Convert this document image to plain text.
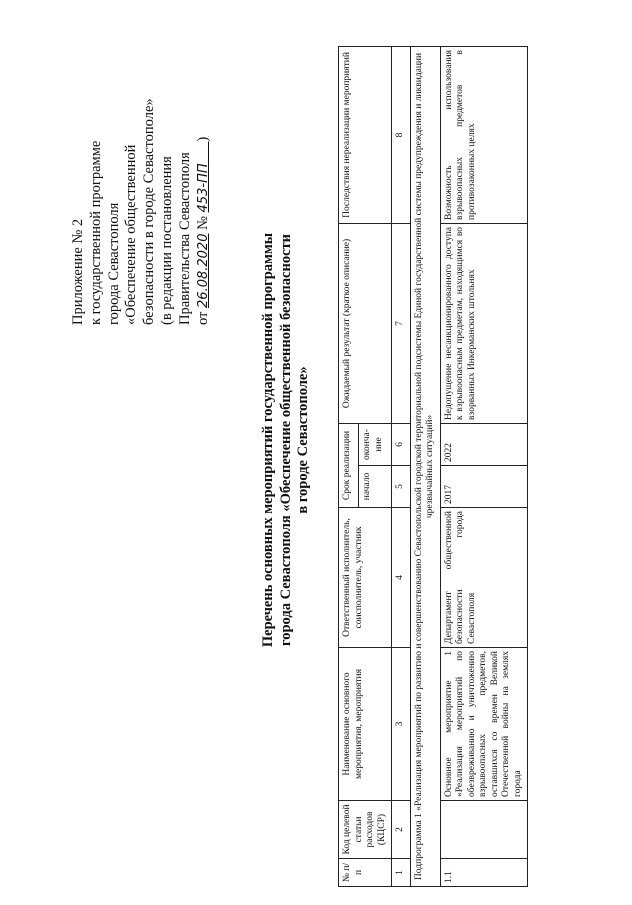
Приложение № 2 к государственной программе города Севастополя «Обеспечение общественной безопасности в городе Севастополе» (в редакции постановления Правительства Севастополя от 26.08.2020 № 453-ПП      )
Перечень основных мероприятий государственной программы города Севастополя «Обеспечение общественной безопасности в городе Севастополе»
№ п/п	Код целевой статьи расходов (КЦСР)	Наименование основного мероприятия, мероприятия	Ответственный исполнитель, соисполнитель, участник	Срок реализации		Ожидаемый результат (краткое описание)	Последствия нереализации мероприятий
				начало	оконча-ние		
1	2	3	4	5	6	7	8
Подпрограмма 1 «Реализация мероприятий по развитию и совершенствованию Севастопольской городской территориальной подсистемы Единой государственной системы предупреждения и ликвидации чрезвычайных ситуаций»							
1.1		Основное мероприятие 1 «Реализация мероприятий по обезвреживанию и уничтожению взрывоопасных предметов, оставшихся со времен Великой Отечественной войны на землях города	Департамент общественной безопасности города Севастополя	2017	2022	Недопущение несанкционированного доступа к взрывоопасным предметам, находящимся во взорванных Инкерманских штольнях	Возможность использования взрывоопасных предметов в противозаконных целях
